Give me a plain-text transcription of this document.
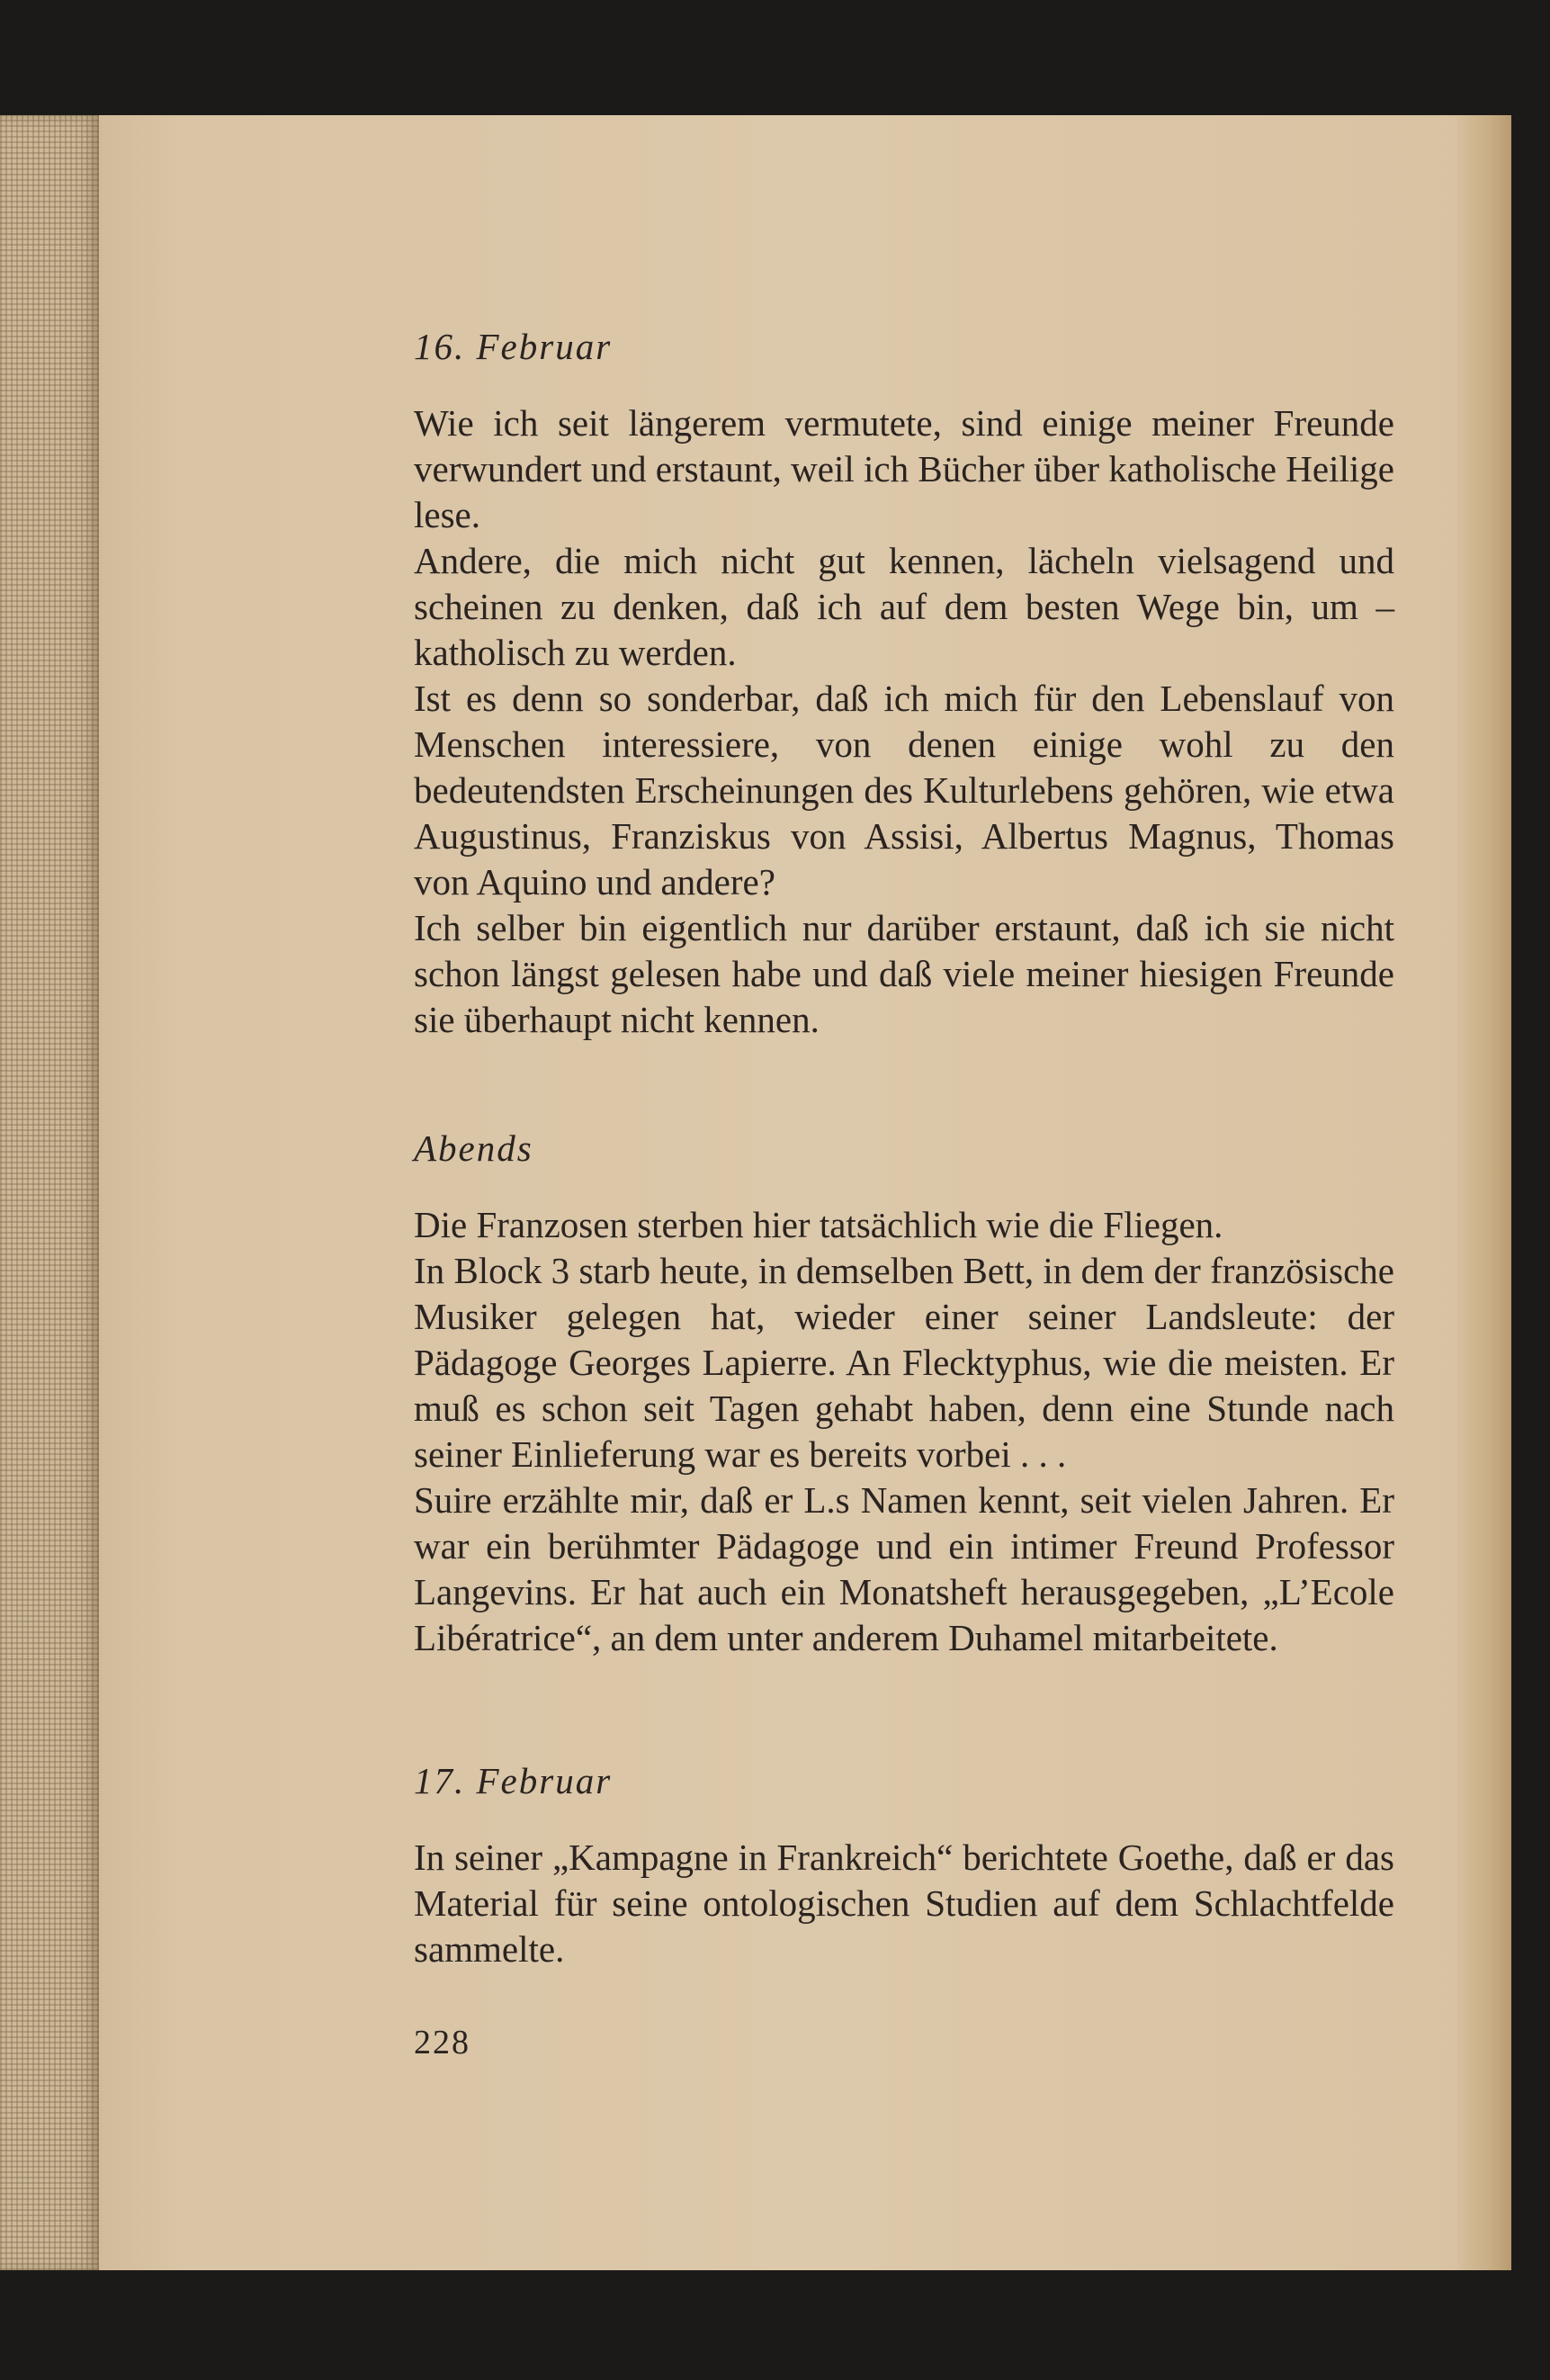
16. Februar

Wie ich seit längerem vermutete, sind einige meiner Freunde verwundert und erstaunt, weil ich Bücher über katholische Heilige lese.

Andere, die mich nicht gut kennen, lächeln vielsagend und scheinen zu denken, daß ich auf dem besten Wege bin, um – katholisch zu werden.

Ist es denn so sonderbar, daß ich mich für den Lebenslauf von Menschen interessiere, von denen einige wohl zu den bedeutendsten Erscheinungen des Kulturlebens gehören, wie etwa Augustinus, Franziskus von Assisi, Albertus Magnus, Thomas von Aquino und andere?

Ich selber bin eigentlich nur darüber erstaunt, daß ich sie nicht schon längst gelesen habe und daß viele meiner hiesigen Freunde sie überhaupt nicht kennen.

Abends

Die Franzosen sterben hier tatsächlich wie die Fliegen.

In Block 3 starb heute, in demselben Bett, in dem der französische Musiker gelegen hat, wieder einer seiner Landsleute: der Pädagoge Georges Lapierre. An Flecktyphus, wie die meisten. Er muß es schon seit Tagen gehabt haben, denn eine Stunde nach seiner Einlieferung war es bereits vorbei . . .

Suire erzählte mir, daß er L.s Namen kennt, seit vielen Jahren. Er war ein berühmter Pädagoge und ein intimer Freund Professor Langevins. Er hat auch ein Monatsheft herausgegeben, „L’Ecole Libératrice“, an dem unter anderem Duhamel mitarbeitete.

17. Februar

In seiner „Kampagne in Frankreich“ berichtete Goethe, daß er das Material für seine ontologischen Studien auf dem Schlachtfelde sammelte.

228
